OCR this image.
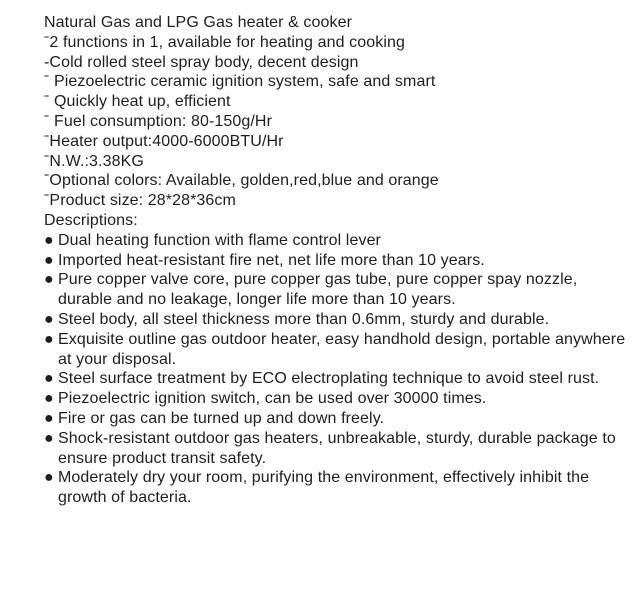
Natural Gas and LPG Gas heater & cooker
ˉ2 functions in 1, available for heating and cooking
-Cold rolled steel spray body, decent design
ˉ Piezoelectric ceramic ignition system, safe and smart
ˉ Quickly heat up, efficient
ˉ Fuel consumption: 80-150g/Hr
ˉHeater output:4000-6000BTU/Hr
ˉN.W.:3.38KG
ˉOptional colors: Available, golden,red,blue and orange
ˉProduct size: 28*28*36cm
Descriptions:
● Dual heating function with flame control lever
● Imported heat-resistant fire net, net life more than 10 years.
● Pure copper valve core, pure copper gas tube, pure copper spay nozzle, durable and no leakage, longer life more than 10 years.
● Steel body, all steel thickness more than 0.6mm, sturdy and durable.
● Exquisite outline gas outdoor heater, easy handhold design, portable anywhere at your disposal.
● Steel surface treatment by ECO electroplating technique to avoid steel rust.
● Piezoelectric ignition switch, can be used over 30000 times.
● Fire or gas can be turned up and down freely.
● Shock-resistant outdoor gas heaters, unbreakable, sturdy, durable package to ensure product transit safety.
● Moderately dry your room, purifying the environment, effectively inhibit the growth of bacteria.
